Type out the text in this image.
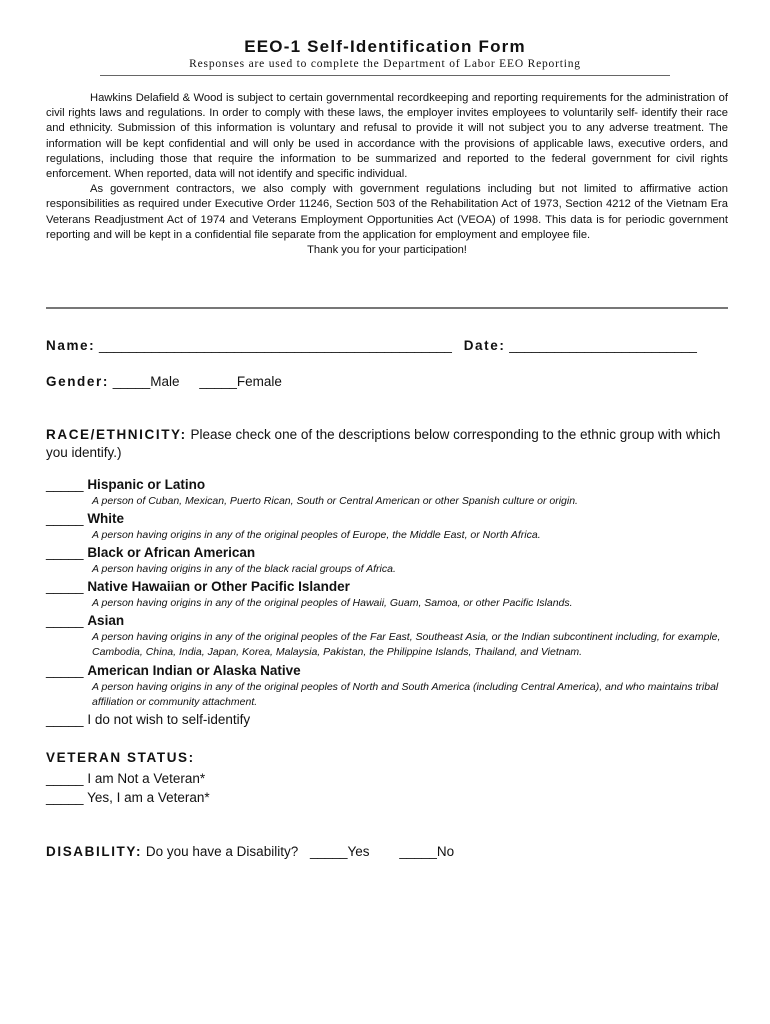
EEO-1 Self-Identification Form
Responses are used to complete the Department of Labor EEO Reporting

Hawkins Delafield & Wood is subject to certain governmental recordkeeping and reporting requirements for the administration of civil rights laws and regulations. In order to comply with these laws, the employer invites employees to voluntarily self- identify their race and ethnicity. Submission of this information is voluntary and refusal to provide it will not subject you to any adverse treatment. The information will be kept confidential and will only be used in accordance with the provisions of applicable laws, executive orders, and regulations, including those that require the information to be summarized and reported to the federal government for civil rights enforcement. When reported, data will not identify and specific individual.

As government contractors, we also comply with government regulations including but not limited to affirmative action responsibilities as required under Executive Order 11246, Section 503 of the Rehabilitation Act of 1973, Section 4212 of the Vietnam Era Veterans Readjustment Act of 1974 and Veterans Employment Opportunities Act (VEOA) of 1998. This data is for periodic government reporting and will be kept in a confidential file separate from the application for employment and employee file.

Thank you for your participation!

Name: _______________________________________________ Date: _________________________
Gender: _____Male _____Female
RACE/ETHNICITY: Please check one of the descriptions below corresponding to the ethnic group with which you identify.)
_____ Hispanic or Latino
A person of Cuban, Mexican, Puerto Rican, South or Central American or other Spanish culture or origin.
_____ White
A person having origins in any of the original peoples of Europe, the Middle East, or North Africa.
_____ Black or African American
A person having origins in any of the black racial groups of Africa.
_____ Native Hawaiian or Other Pacific Islander
A person having origins in any of the original peoples of Hawaii, Guam, Samoa, or other Pacific Islands.
_____ Asian
A person having origins in any of the original peoples of the Far East, Southeast Asia, or the Indian subcontinent including, for example, Cambodia, China, India, Japan, Korea, Malaysia, Pakistan, the Philippine Islands, Thailand, and Vietnam.
_____ American Indian or Alaska Native
A person having origins in any of the original peoples of North and South America (including Central America), and who maintains tribal affiliation or community attachment.
_____ I do not wish to self-identify
VETERAN STATUS:
_____ I am Not a Veteran*
_____ Yes, I am a Veteran*
DISABILITY: Do you have a Disability? _____Yes _____No
